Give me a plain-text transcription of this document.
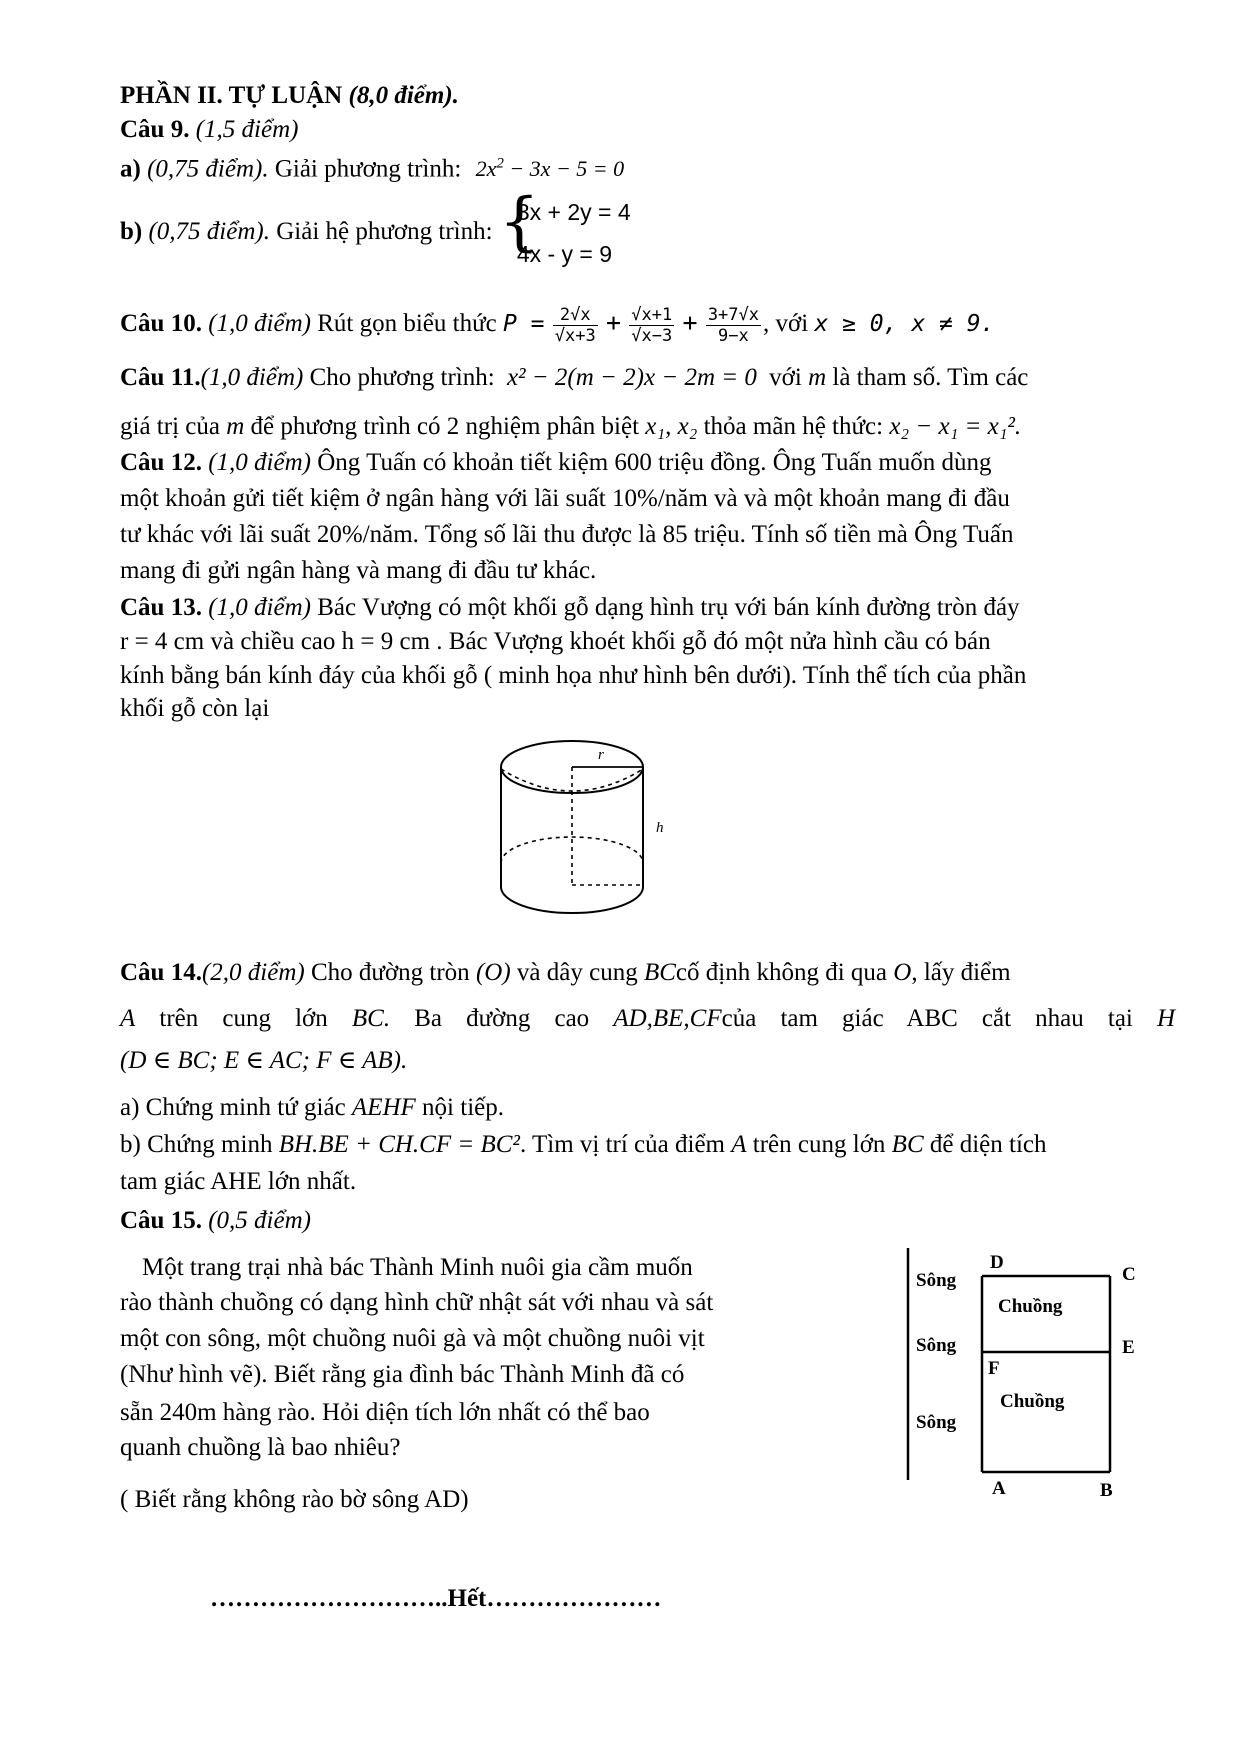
PHẦN II. TỰ LUẬN (8,0 điểm).
Câu 9. (1,5 điểm)
a) (0,75 điểm). Giải phương trình: $2x^2 - 3x - 5 = 0$
b) (0,75 điểm). Giải hệ phương trình: {
3x + 2y = 4
4x - y = 9
Câu 10. (1,0 điểm) Rút gọn biểu thức $P = \frac{2√x}{√x+3} + \frac{√x+1}{√x-3} + \frac{3+7√x}{9-x}$ , với x ≥ 0, x ≠ 9.
Câu 11.(1,0 điểm) Cho phương trình: x² − 2(m − 2)x − 2m = 0 với m là tham số. Tìm các
giá trị của m để phương trình có 2 nghiệm phân biệt x₁, x₂ thỏa mãn hệ thức: x₂ − x₁ = x₁².
Câu 12. (1,0 điểm) Ông Tuấn có khoản tiết kiệm 600 triệu đồng. Ông Tuấn muốn dùng
một khoản gửi tiết kiệm ở ngân hàng với lãi suất 10%/năm và và một khoản mang đi đầu
tư khác với lãi suất 20%/năm. Tổng số lãi thu được là 85 triệu. Tính số tiền mà Ông Tuấn
mang đi gửi ngân hàng và mang đi đầu tư khác.
Câu 13. (1,0 điểm) Bác Vượng có một khối gỗ dạng hình trụ với bán kính đường tròn đáy
r = 4 cm và chiều cao h = 9 cm . Bác Vượng khoét khối gỗ đó một nửa hình cầu có bán
kính bằng bán kính đáy của khối gỗ ( minh họa như hình bên dưới). Tính thể tích của phần
khối gỗ còn lại
r
h
Câu 14.(2,0 điểm) Cho đường tròn (O) và dây cung BCcố định không đi qua O, lấy điểm
A trên cung lớn BC. Ba đường cao AD,BE,CFcủa tam giác ABC cắt nhau tại H
(D ∈ BC; E ∈ AC; F ∈ AB).
a) Chứng minh tứ giác AEHF nội tiếp.
b) Chứng minh BH.BE + CH.CF = BC². Tìm vị trí của điểm A trên cung lớn BC để diện tích
tam giác AHE lớn nhất.
Câu 15. (0,5 điểm)
Một trang trại nhà bác Thành Minh nuôi gia cầm muốn
rào thành chuồng có dạng hình chữ nhật sát với nhau và sát
một con sông, một chuồng nuôi gà và một chuồng nuôi vịt
(Như hình vẽ). Biết rằng gia đình bác Thành Minh đã có
sẵn 240m hàng rào. Hỏi diện tích lớn nhất có thể bao
quanh chuồng là bao nhiêu?
( Biết rằng không rào bờ sông AD)
Sông
Sông
Sông
Chuồng
Chuồng
D
C
E
F
A	B
………………………..Hết…………………
